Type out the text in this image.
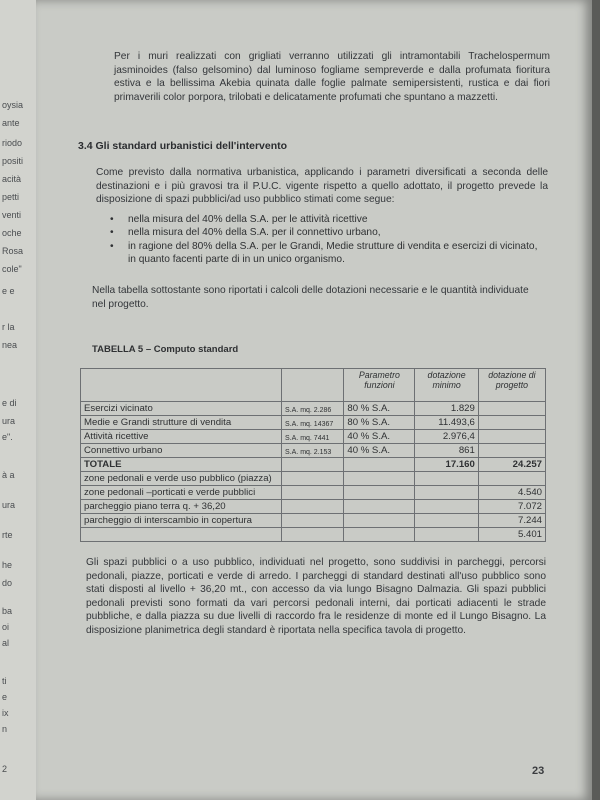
oysia
ante
riodo
positi
acità
petti
venti
oche
Rosa
cole"
e e
r la
nea
e di
ura
e".
à a
ura
rte
he
do
ba
oi
al
ti
e
ix
n
2
Per i muri realizzati con grigliati verranno utilizzati gli intramontabili Trachelospermum jasminoides (falso gelsomino) dal luminoso fogliame sempreverde e dalla profumata fioritura estiva e la bellissima Akebia quinata dalle foglie palmate semipersistenti, rustica e dai fiori primaverili color porpora, trilobati e delicatamente profumati che spuntano a mazzetti.
3.4 Gli standard urbanistici dell'intervento
Come previsto dalla normativa urbanistica, applicando i parametri diversificati a seconda delle destinazioni e i più gravosi tra il P.U.C. vigente rispetto a quello adottato, il progetto prevede la disposizione di spazi pubblici/ad uso pubblico stimati come segue:
• nella misura del 40% della S.A. per le attività ricettive
• nella misura del 40% della S.A. per il connettivo urbano,
• in ragione del 80% della S.A. per le Grandi, Medie strutture di vendita e esercizi di vicinato, in quanto facenti parte di in un unico organismo.
Nella tabella sottostante sono riportati i calcoli delle dotazioni necessarie e le quantità individuate nel progetto.
TABELLA 5 – Computo standard
		Parametro funzioni	dotazione minimo	dotazione di progetto
Esercizi vicinato	S.A. mq. 2.286	80 % S.A.	1.829	
Medie e Grandi strutture di vendita	S.A. mq. 14367	80 % S.A.	11.493,6	
Attività ricettive	S.A. mq. 7441	40 % S.A.	2.976,4	
Connettivo urbano	S.A. mq. 2.153	40 % S.A.	861	
TOTALE			17.160	24.257
zone pedonali e verde uso pubblico (piazza)				
zone pedonali –porticati e verde pubblici				4.540
parcheggio piano terra q. + 36,20				7.072
parcheggio di interscambio in copertura				7.244
				5.401
Gli spazi pubblici o a uso pubblico, individuati nel progetto, sono suddivisi in parcheggi, percorsi pedonali, piazze, porticati e verde di arredo. I parcheggi di standard destinati all'uso pubblico sono stati disposti al livello + 36,20 mt., con accesso da via lungo Bisagno Dalmazia. Gli spazi pubblici pedonali previsti sono formati da vari percorsi pedonali interni, dai porticati adiacenti le strade pubbliche, e dalla piazza su due livelli di raccordo fra le residenze di monte ed il Lungo Bisagno. La disposizione planimetrica degli standard è riportata nella specifica tavola di progetto.
23
